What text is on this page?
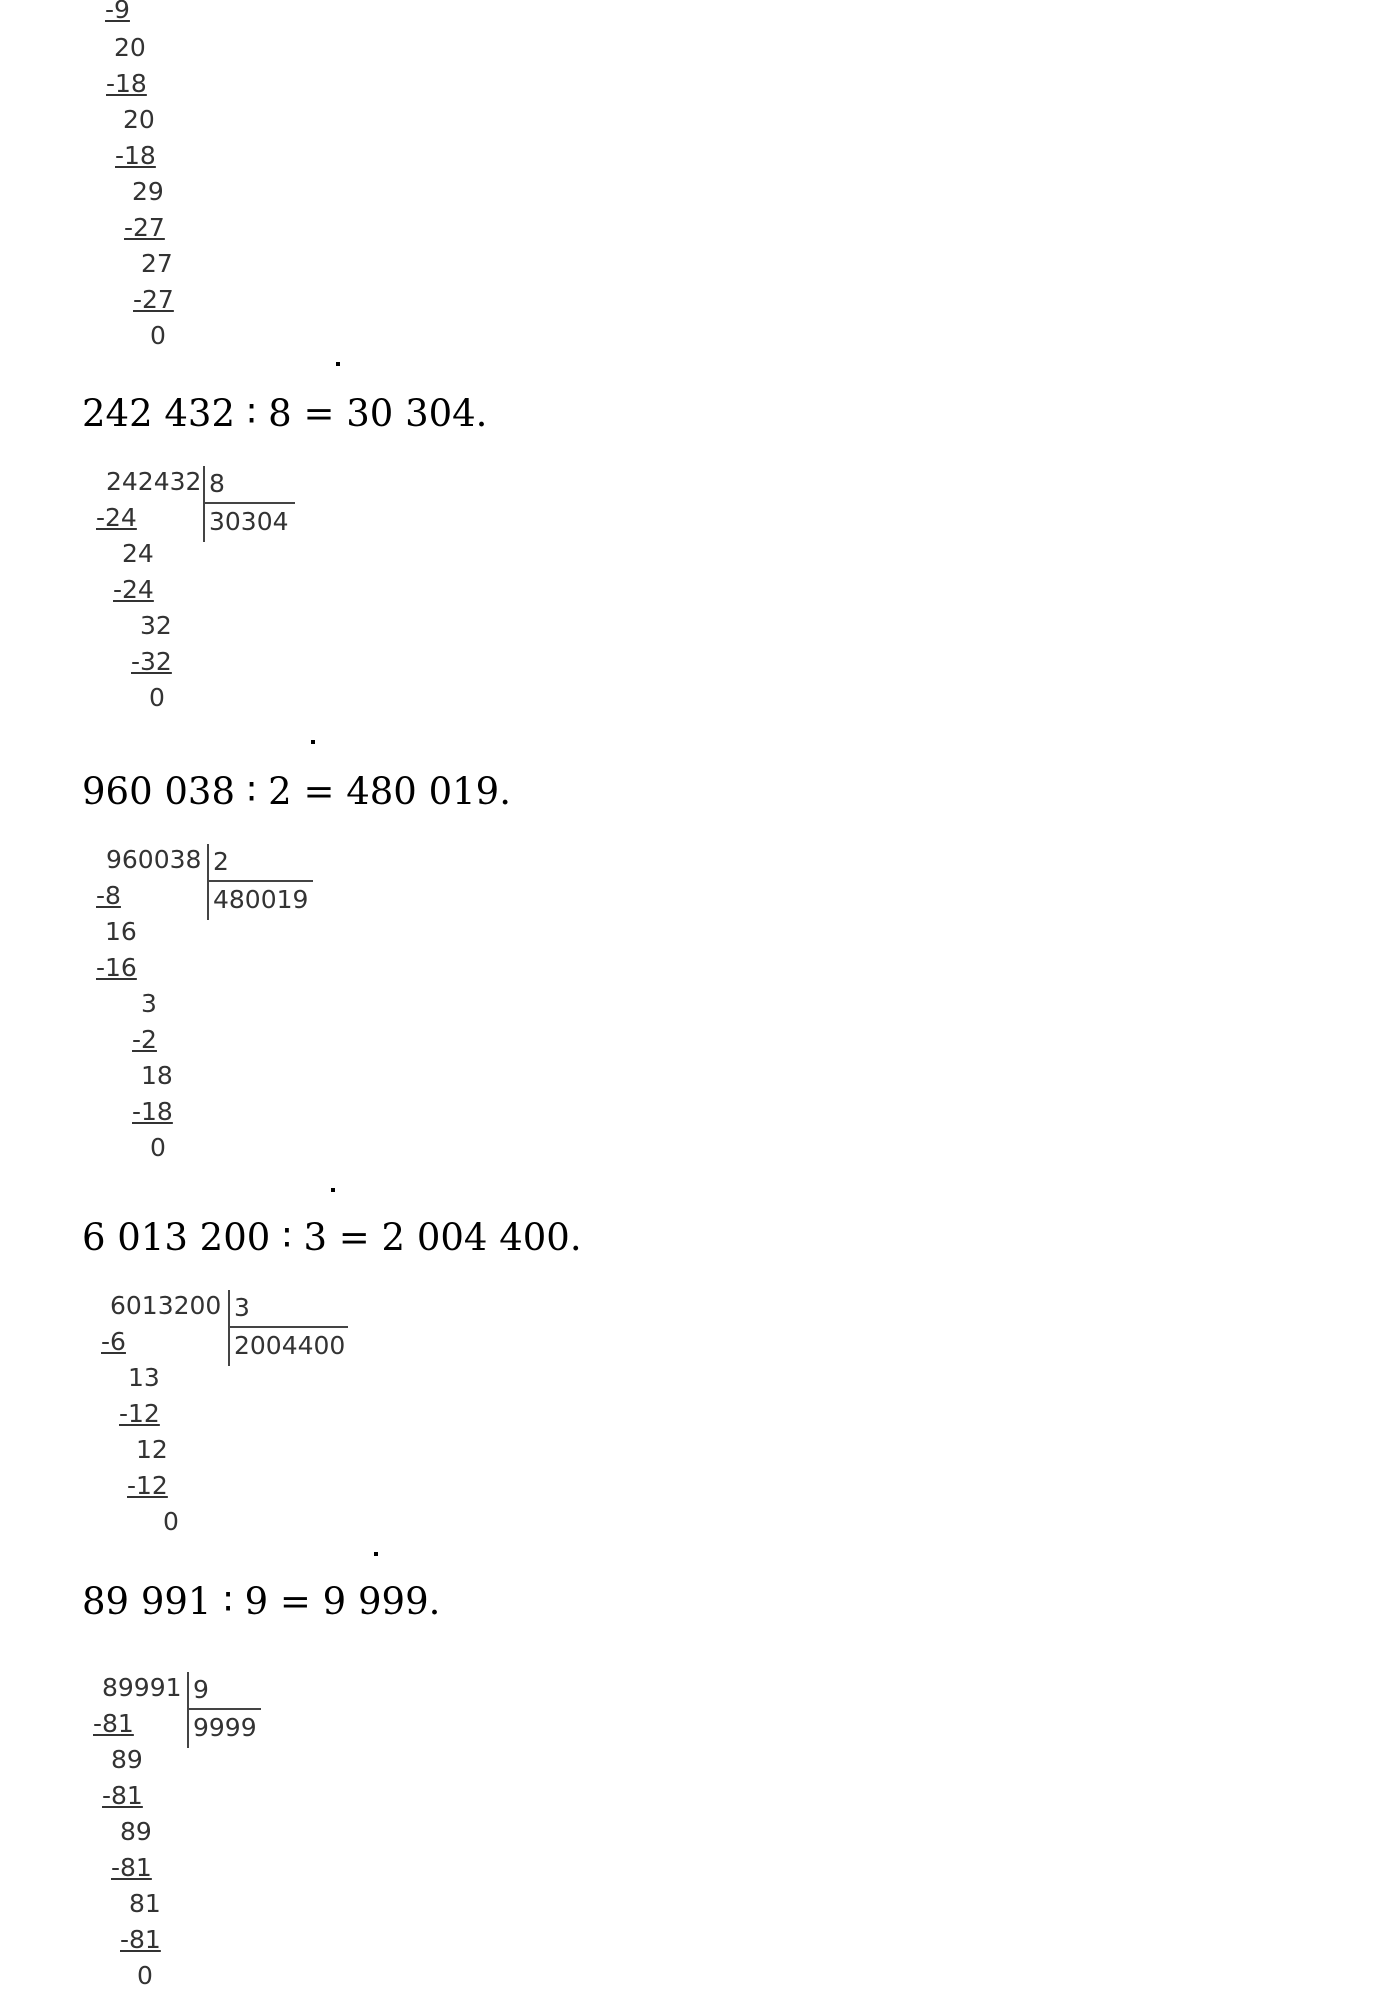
-9
20
-18
20
-18
29
-27
27
-27
0
242 432 ∶ 8 = 30 304.
242432 8
30304
-24
24
-24
32
-32
0
960 038 ∶ 2 = 480 019.
960038 2
480019
-8
16
-16
3
-2
18
-18
0
6 013 200 ∶ 3 = 2 004 400.
6013200 3
2004400
-6
13
-12
12
-12
0
89 991 ∶ 9 = 9 999.
89991 9
9999
-81
89
-81
89
-81
81
-81
0
